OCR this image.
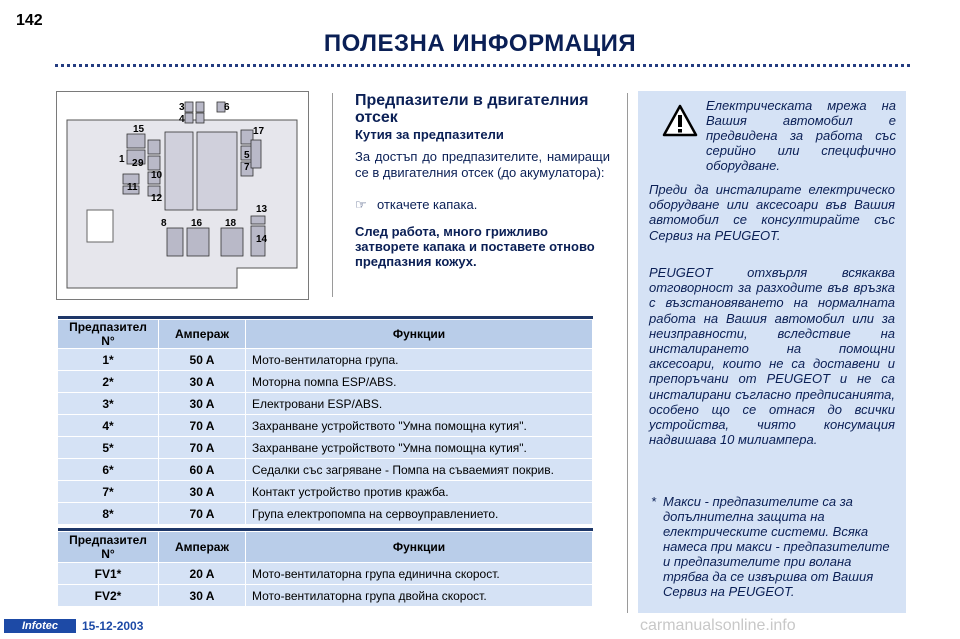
142
ПОЛЕЗНА ИНФОРМАЦИЯ
3
4
6
15
1 2 9
10
11
12
17
5
7
8 16 18
13
14
Предпазители в двигателния отсек
Кутия за предпазители
За достъп до предпазителите, намиращи се в двигателния отсек (до акумулатора):
☞ откачете капака.
След работа, много грижливо затворете капака и поставете отново предпазния кожух.

Предпазител N°	Ампераж	Функции
1*	50 A	Мото-вентилаторна група.
2*	30 A	Моторна помпа ESP/ABS.
3*	30 A	Електровани ESP/ABS.
4*	70 A	Захранване устройството "Умна помощна кутия".
5*	70 A	Захранване устройството "Умна помощна кутия".
6*	60 A	Седалки със загряване - Помпа на съваемият покрив.
7*	30 A	Контакт устройство против кражба.
8*	70 A	Група електропомпа на сервоуправлението.

Предпазител N°	Ампераж	Функции
FV1*	20 A	Мото-вентилаторна група единична скорост.
FV2*	30 A	Мото-вентилаторна група двойна скорост.
Електрическата мрежа на Вашия автомобил е предвидена за работа със серийно или специфично оборудване.
Преди да инсталирате електрическо оборудване или аксесоари във Вашия автомобил се консултирайте със Сервиз на PEUGEOT.
PEUGEOT отхвърля всякаква отговорност за разходите във връзка с възстановяването на нормалната работа на Вашия автомобил или за неизправности, вследствие на инсталирането на помощни аксесоари, които не са доставени и препоръчани от PEUGEOT и не са инсталирани съгласно предписанията, особено що се отнася до всички устройства, чиято консумация надвишава 10 милиампера.
* Макси - предпазителите са за допълнителна защита на електрическите системи. Всяка намеса при макси - предпазителите и предпазителите при волана трябва да се извършва от Вашия Сервиз на PEUGEOT.
Infotec	15-12-2003	carmanualsonline.info
